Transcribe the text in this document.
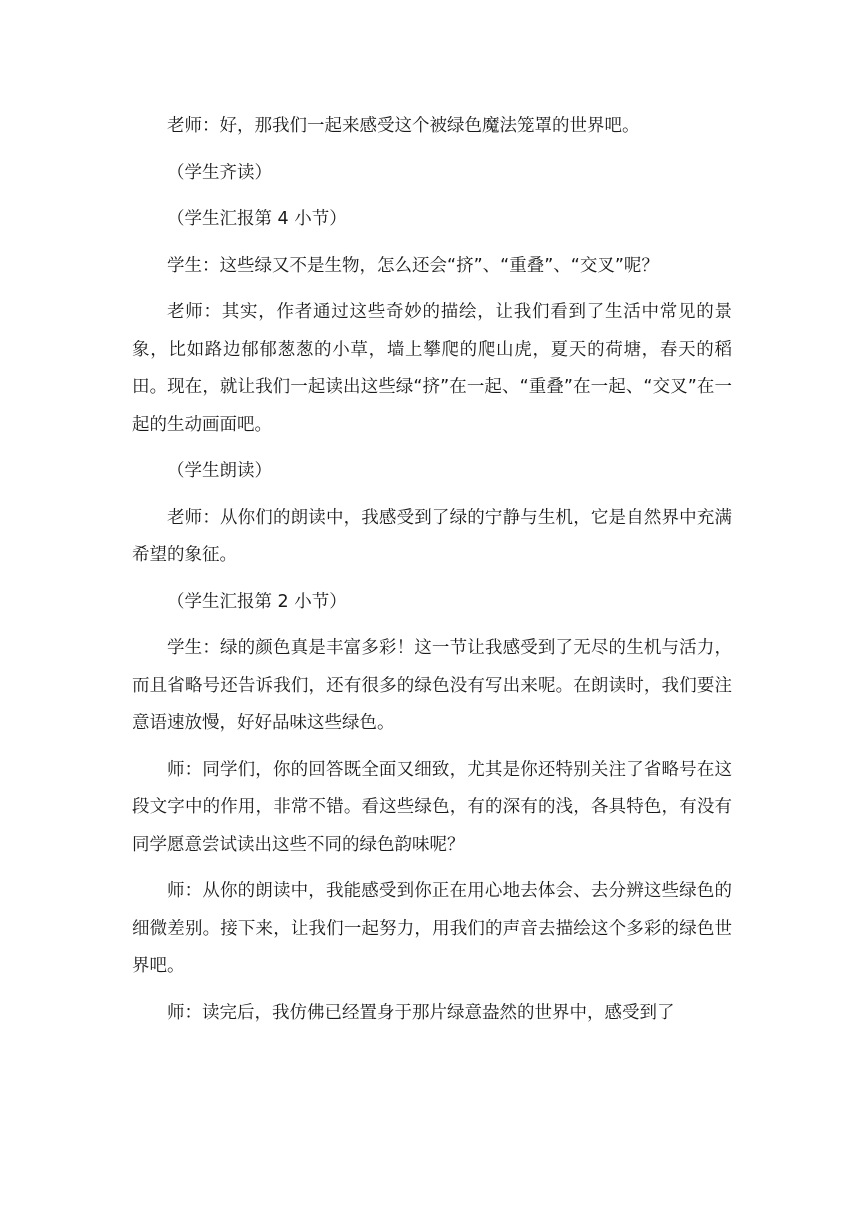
老师：好，那我们一起来感受这个被绿色魔法笼罩的世界吧。

（学生齐读）

（学生汇报第 4 小节）

学生：这些绿又不是生物，怎么还会“挤”、“重叠”、“交叉”呢？

老师：其实，作者通过这些奇妙的描绘，让我们看到了生活中常见的景象，比如路边郁郁葱葱的小草，墙上攀爬的爬山虎，夏天的荷塘，春天的稻田。现在，就让我们一起读出这些绿“挤”在一起、“重叠”在一起、“交叉”在一起的生动画面吧。

（学生朗读）

老师：从你们的朗读中，我感受到了绿的宁静与生机，它是自然界中充满希望的象征。

（学生汇报第 2 小节）

学生：绿的颜色真是丰富多彩！这一节让我感受到了无尽的生机与活力，而且省略号还告诉我们，还有很多的绿色没有写出来呢。在朗读时，我们要注意语速放慢，好好品味这些绿色。

师：同学们，你的回答既全面又细致，尤其是你还特别关注了省略号在这段文字中的作用，非常不错。看这些绿色，有的深有的浅，各具特色，有没有同学愿意尝试读出这些不同的绿色韵味呢？

师：从你的朗读中，我能感受到你正在用心地去体会、去分辨这些绿色的细微差别。接下来，让我们一起努力，用我们的声音去描绘这个多彩的绿色世界吧。

师：读完后，我仿佛已经置身于那片绿意盎然的世界中，感受到了
